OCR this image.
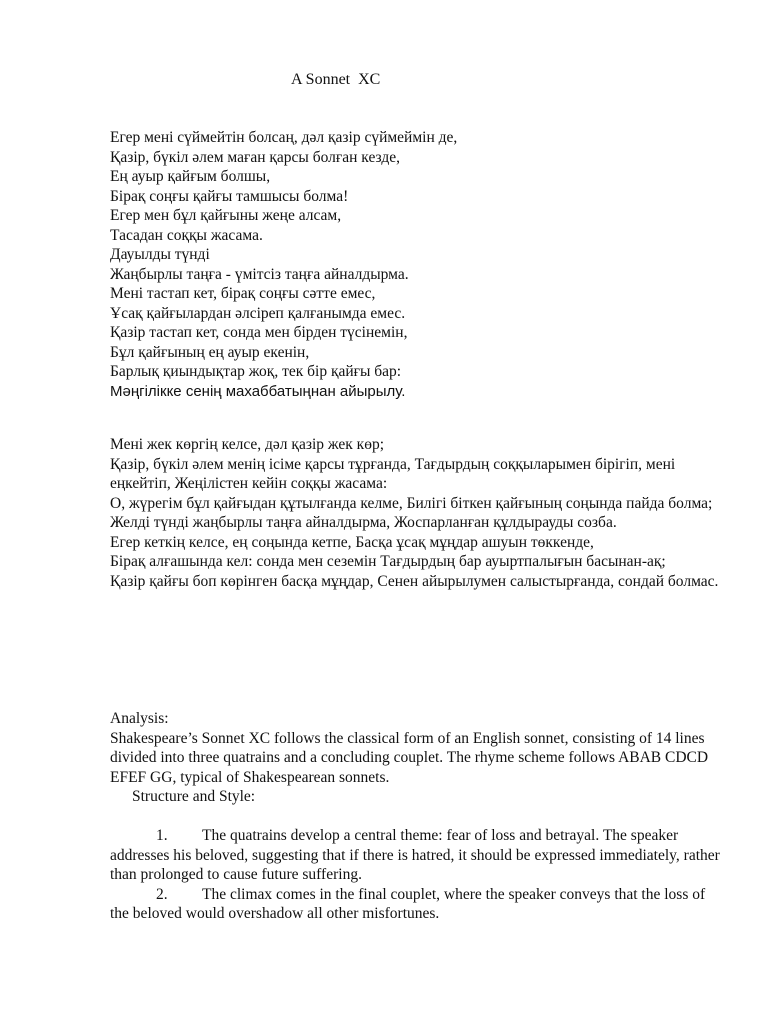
A Sonnet  XC
Егер мені сүймейтін болсаң, дәл қазір сүймеймін де,
Қазір, бүкіл әлем маған қарсы болған кезде,
Ең ауыр қайғым болшы,
Бірақ соңғы қайғы тамшысы болма!
Егер мен бұл қайғыны жеңе алсам,
Тасадан соққы жасама.
Дауылды түнді
Жаңбырлы таңға - үмітсіз таңға айналдырма.
Мені тастап кет, бірақ соңғы сәтте емес,
Ұсақ қайғылардан әлсіреп қалғанымда емес.
Қазір тастап кет, сонда мен бірден түсінемін,
Бұл қайғының ең ауыр екенін,
Барлық қиындықтар жоқ, тек бір қайғы бар:
Мәңгілікке сенің махаббатыңнан айырылу.
Мені жек көргің келсе, дәл қазір жек көр;
Қазір, бүкіл әлем менің ісіме қарсы тұрғанда, Тағдырдың соққыларымен бірігіп, мені еңкейтіп, Жеңілістен кейін соққы жасама:
О, жүрегім бұл қайғыдан құтылғанда келме, Билігі біткен қайғының соңында пайда болма;
Желді түнді жаңбырлы таңға айналдырма, Жоспарланған құлдырауды созба.
Егер кеткің келсе, ең соңында кетпе, Басқа ұсақ мұңдар ашуын төккенде,
Бірақ алғашында кел: сонда мен сеземін Тағдырдың бар ауыртпалығын басынан-ақ;
Қазір қайғы боп көрінген басқа мұңдар, Сенен айырылумен салыстырғанда, сондай болмас.
Analysis:
Shakespeare’s Sonnet XC follows the classical form of an English sonnet, consisting of 14 lines divided into three quatrains and a concluding couplet. The rhyme scheme follows ABAB CDCD EFEF GG, typical of Shakespearean sonnets.
Structure and Style:
1. The quatrains develop a central theme: fear of loss and betrayal. The speaker addresses his beloved, suggesting that if there is hatred, it should be expressed immediately, rather than prolonged to cause future suffering.
2. The climax comes in the final couplet, where the speaker conveys that the loss of the beloved would overshadow all other misfortunes.
